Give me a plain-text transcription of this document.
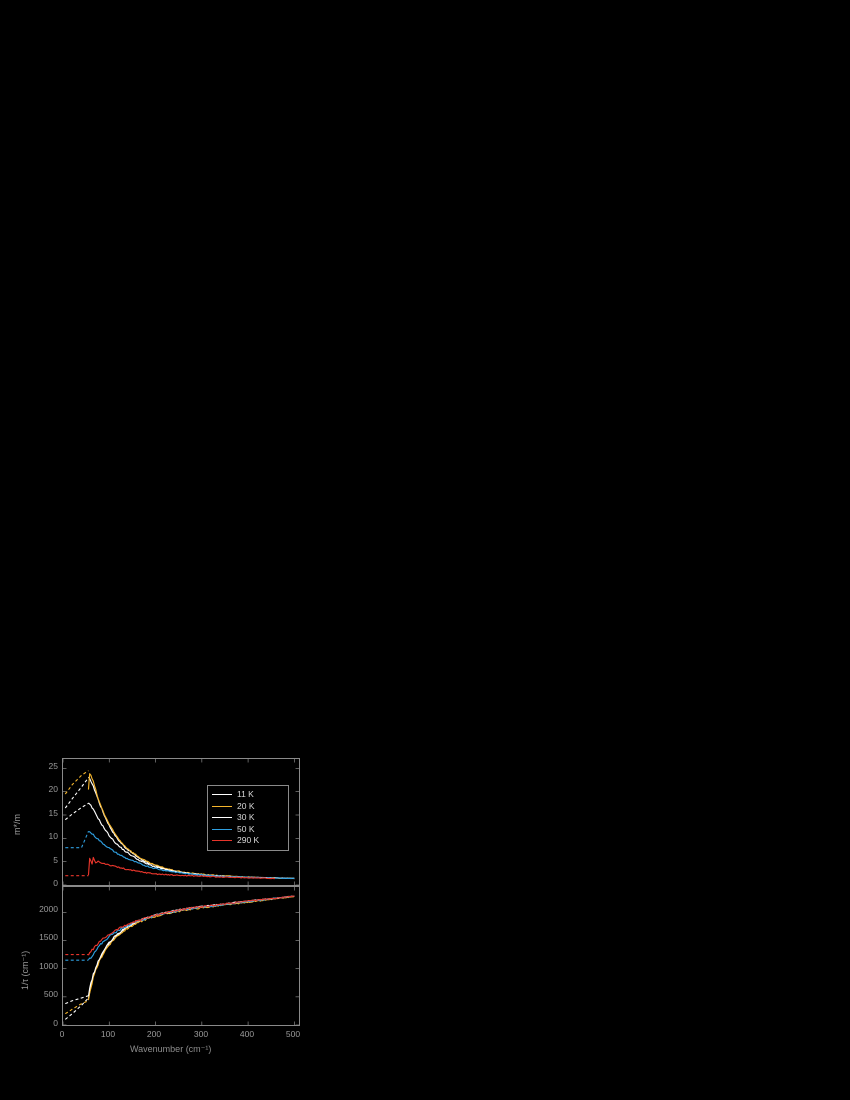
m*/m
0
5
10
15
20
25
11 K
20 K
30 K
50 K
290 K
1/τ (cm⁻¹)
0
500
1000
1500
2000
0	100	200	300	400	500
Wavenumber (cm⁻¹)
